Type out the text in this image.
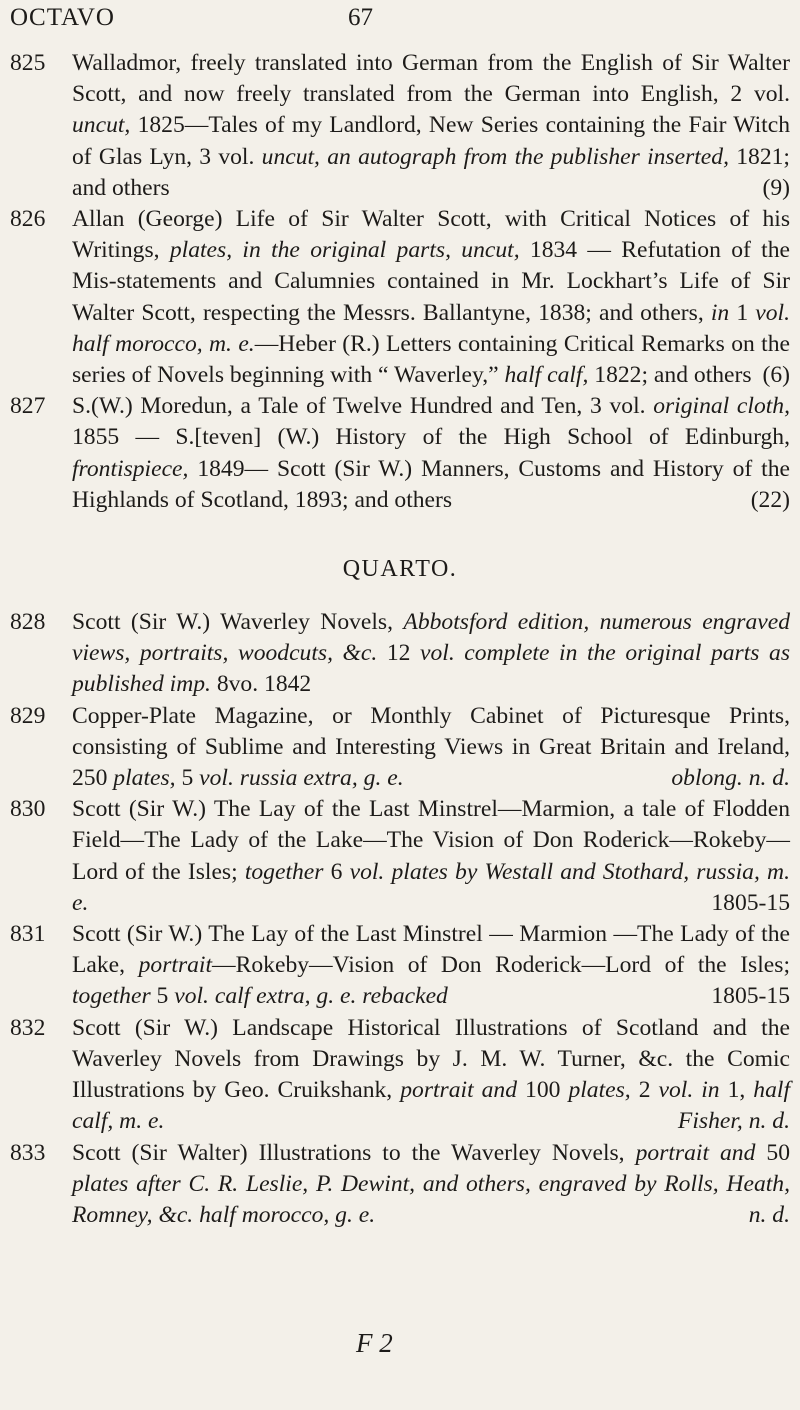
OCTAVO	67
825 Walladmor, freely translated into German from the English of Sir Walter Scott, and now freely translated from the German into English, 2 vol. uncut, 1825—Tales of my Landlord, New Series containing the Fair Witch of Glas Lyn, 3 vol. uncut, an autograph from the publisher inserted, 1821; and others	(9)
826 Allan (George) Life of Sir Walter Scott, with Critical Notices of his Writings, plates, in the original parts, uncut, 1834 — Refutation of the Mis-statements and Calumnies contained in Mr. Lockhart’s Life of Sir Walter Scott, respecting the Messrs. Ballantyne, 1838; and others, in 1 vol. half morocco, m. e.—Heber (R.) Letters containing Critical Remarks on the series of Novels beginning with “ Waverley,” half calf, 1822; and others (6)
827 S.(W.) Moredun, a Tale of Twelve Hundred and Ten, 3 vol. original cloth, 1855 — S.[teven] (W.) History of the High School of Edinburgh, frontispiece, 1849— Scott (Sir W.) Manners, Customs and History of the Highlands of Scotland, 1893; and others	(22)
QUARTO.
828 Scott (Sir W.) Waverley Novels, Abbotsford edition, numerous engraved views, portraits, woodcuts, &c. 12 vol. complete in the original parts as published imp. 8vo. 1842
829 Copper-Plate Magazine, or Monthly Cabinet of Picturesque Prints, consisting of Sublime and Interesting Views in Great Britain and Ireland, 250 plates, 5 vol. russia extra, g. e.	oblong. n. d.
830 Scott (Sir W.) The Lay of the Last Minstrel—Marmion, a tale of Flodden Field—The Lady of the Lake—The Vision of Don Roderick—Rokeby—Lord of the Isles; together 6 vol. plates by Westall and Stothard, russia, m. e.	1805-15
831 Scott (Sir W.) The Lay of the Last Minstrel — Marmion —The Lady of the Lake, portrait—Rokeby—Vision of Don Roderick—Lord of the Isles; together 5 vol. calf extra, g. e. rebacked	1805-15
832 Scott (Sir W.) Landscape Historical Illustrations of Scotland and the Waverley Novels from Drawings by J. M. W. Turner, &c. the Comic Illustrations by Geo. Cruikshank, portrait and 100 plates, 2 vol. in 1, half calf, m. e.	Fisher, n. d.
833 Scott (Sir Walter) Illustrations to the Waverley Novels, portrait and 50 plates after C. R. Leslie, P. Dewint, and others, engraved by Rolls, Heath, Romney, &c. half morocco, g. e.	n. d.
F 2
